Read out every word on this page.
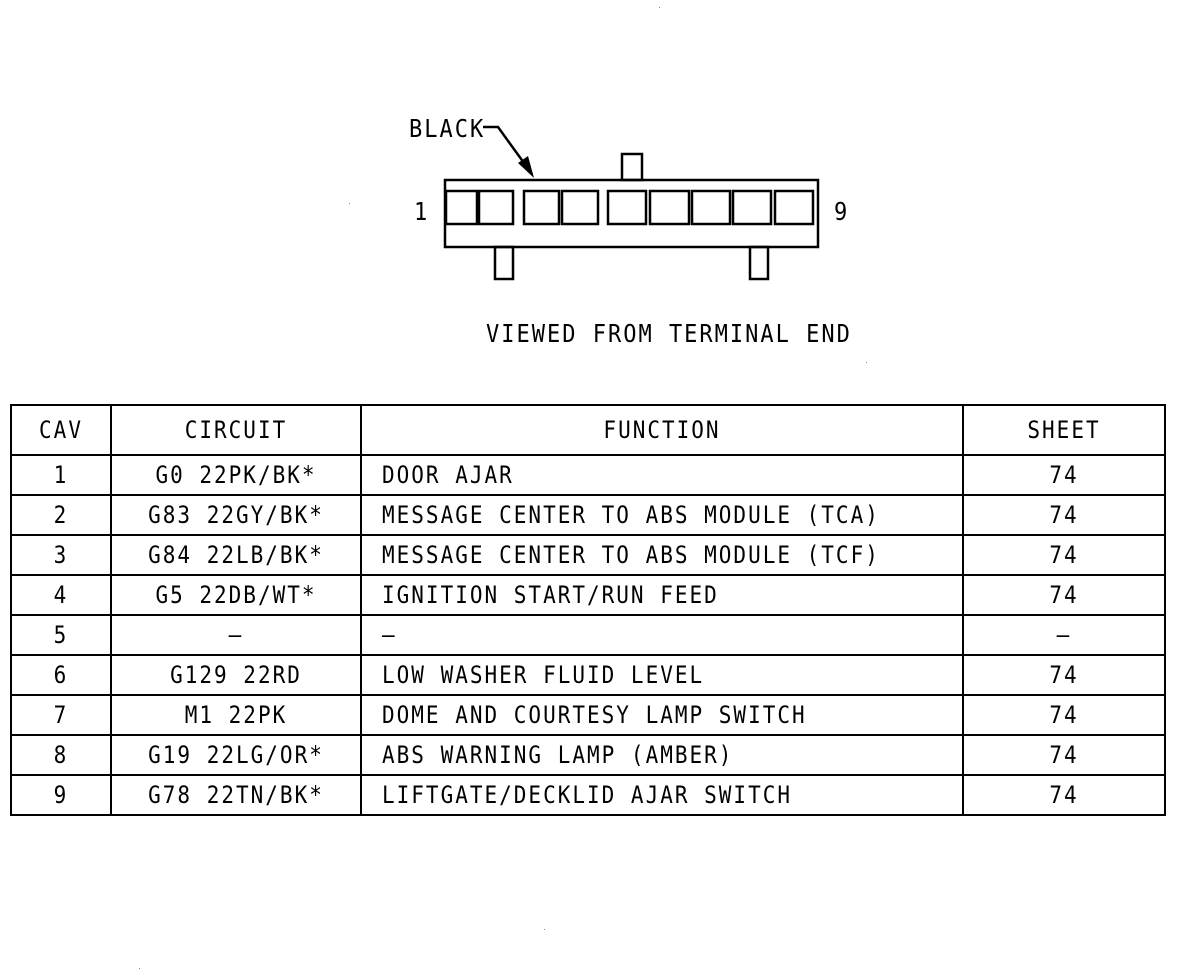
BLACK
1	9
VIEWED FROM TERMINAL END
CAV	CIRCUIT	FUNCTION	SHEET
1	G0 22PK/BK*	DOOR AJAR	74
2	G83 22GY/BK*	MESSAGE CENTER TO ABS MODULE (TCA)	74
3	G84 22LB/BK*	MESSAGE CENTER TO ABS MODULE (TCF)	74
4	G5 22DB/WT*	IGNITION START/RUN FEED	74
5	—	—	—
6	G129 22RD	LOW WASHER FLUID LEVEL	74
7	M1 22PK	DOME AND COURTESY LAMP SWITCH	74
8	G19 22LG/OR*	ABS WARNING LAMP (AMBER)	74
9	G78 22TN/BK*	LIFTGATE/DECKLID AJAR SWITCH	74
